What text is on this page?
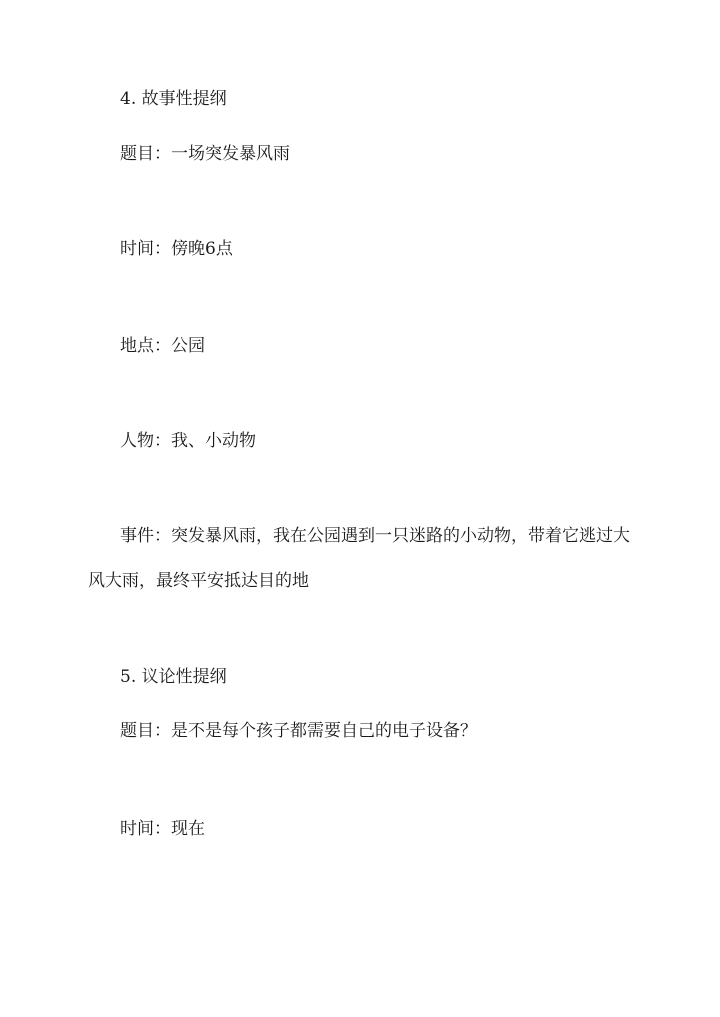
4. 故事性提纲
题目：一场突发暴风雨
时间：傍晚6点
地点：公园
人物：我、小动物
事件：突发暴风雨，我在公园遇到一只迷路的小动物，带着它逃过大
风大雨，最终平安抵达目的地
5. 议论性提纲
题目：是不是每个孩子都需要自己的电子设备？
时间：现在
